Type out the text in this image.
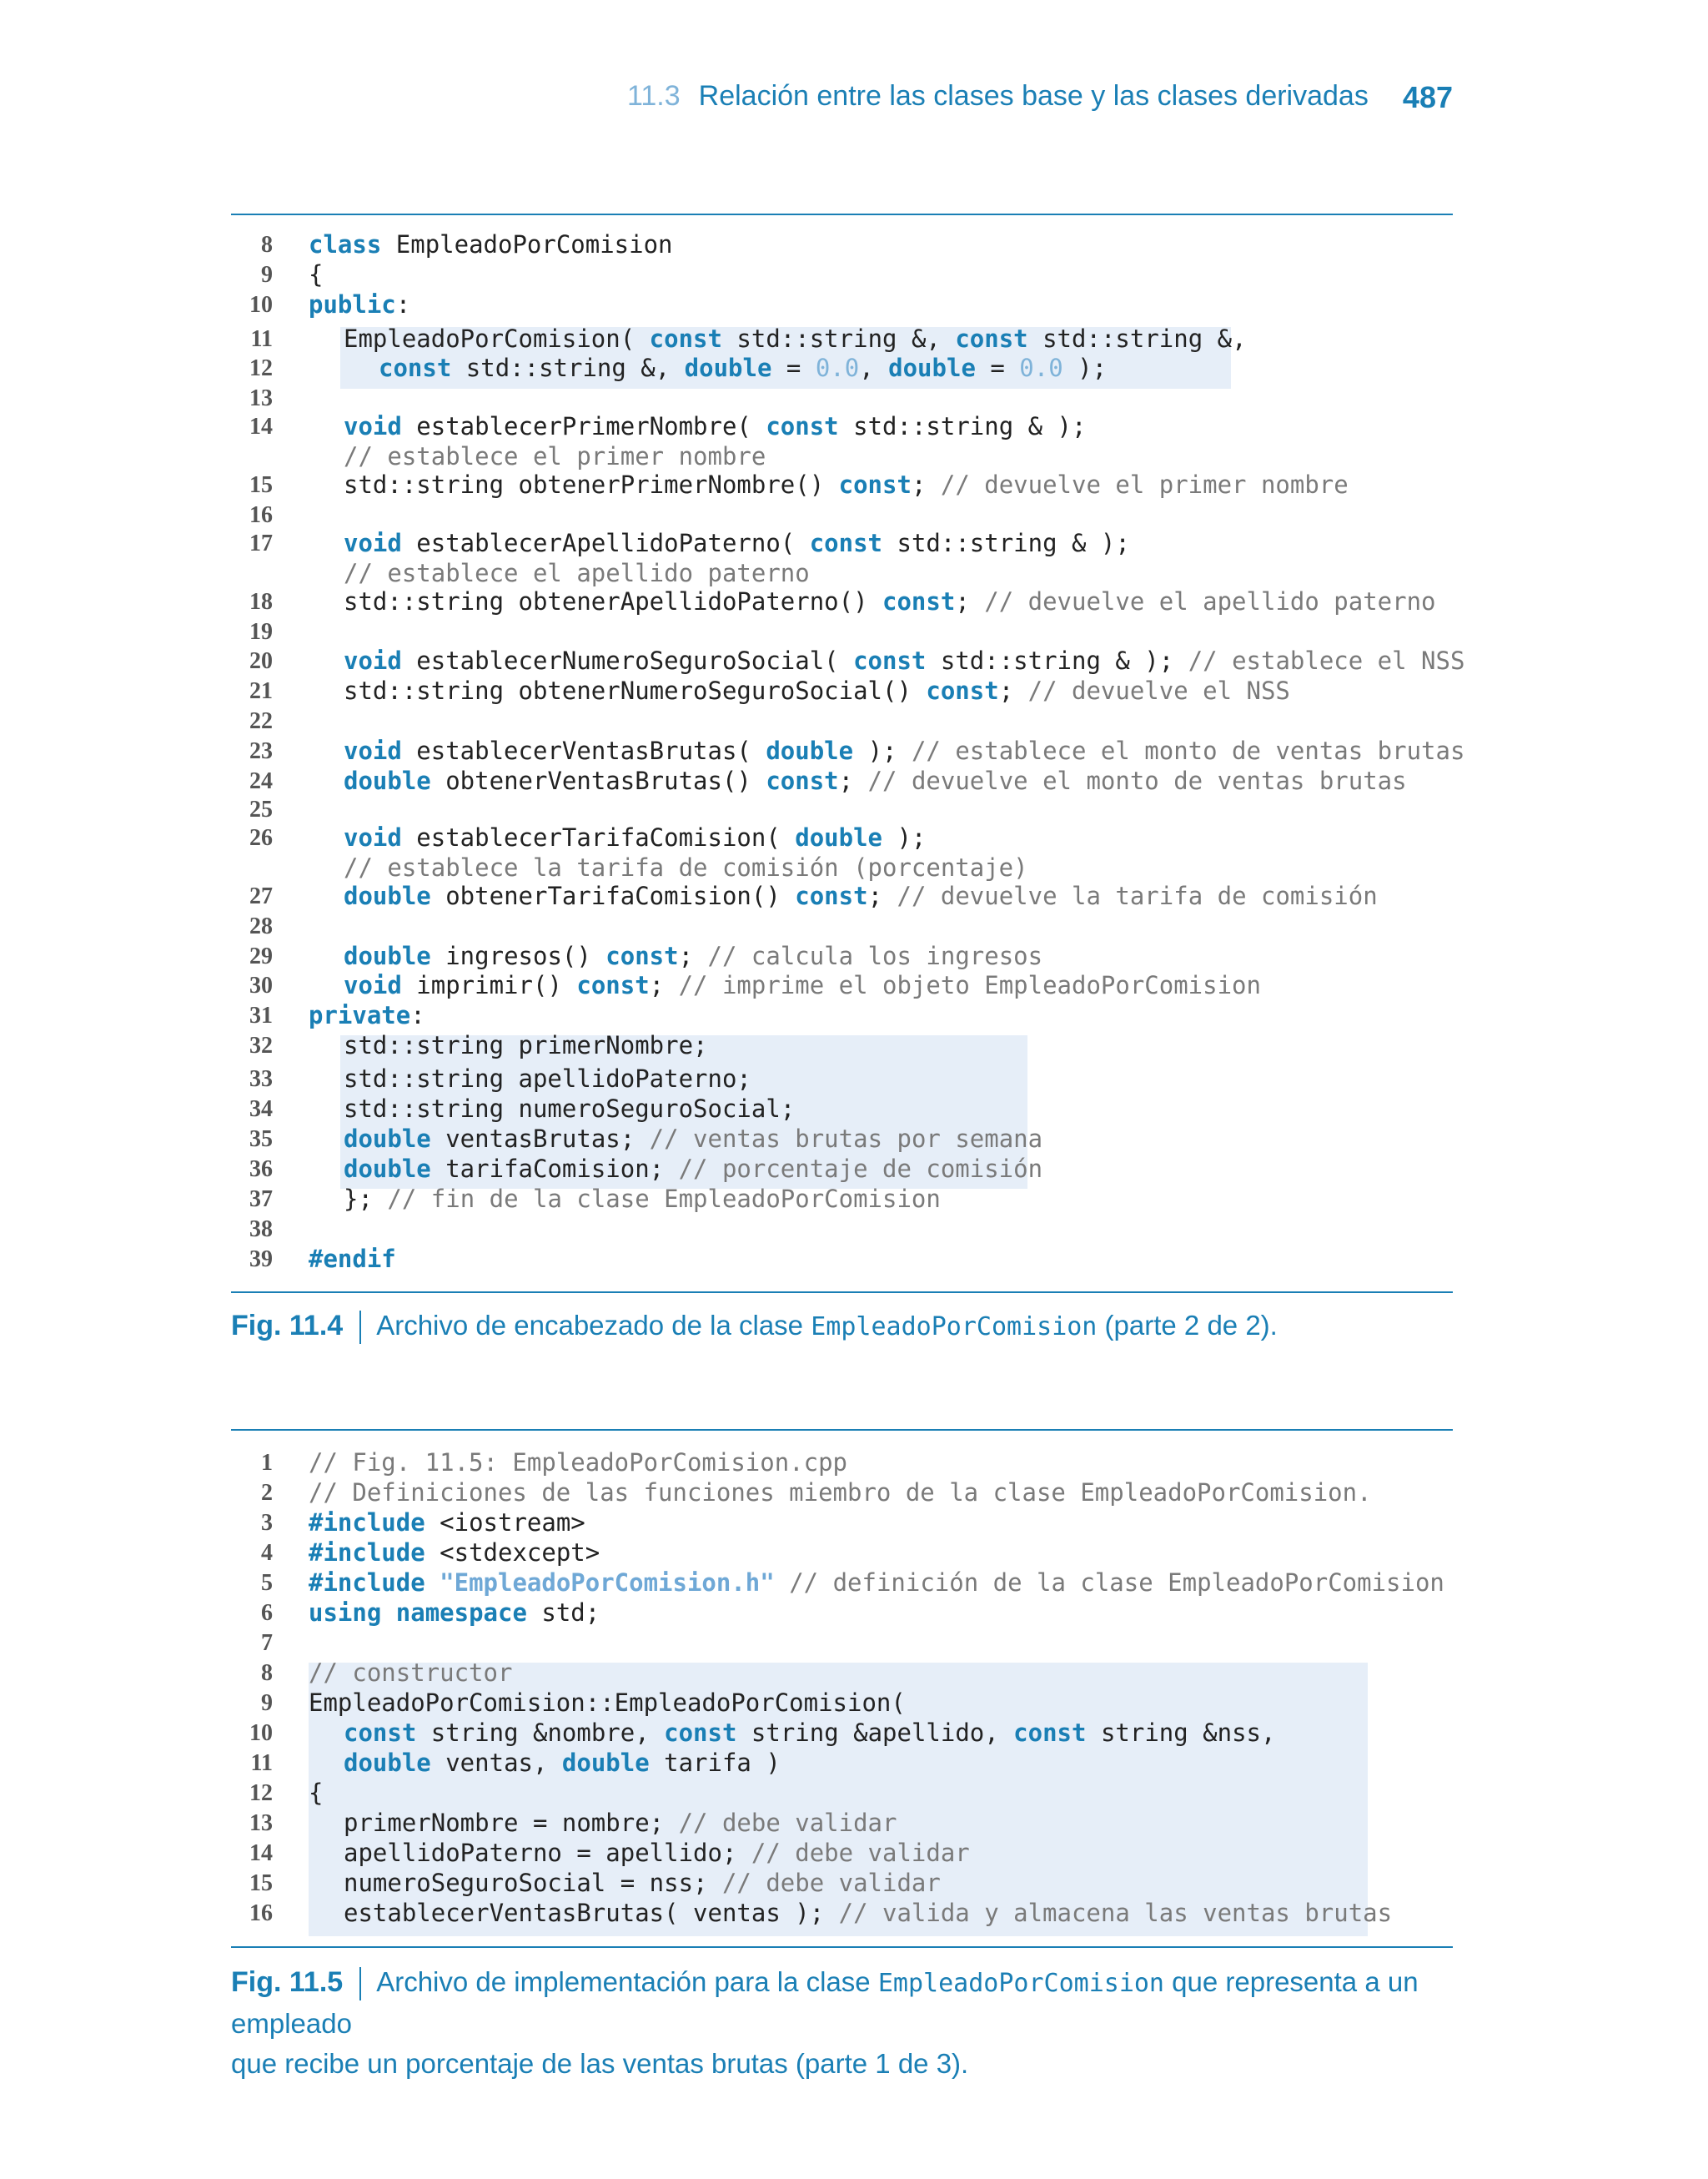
11.3 Relación entre las clases base y las clases derivadas 487
8 class EmpleadoPorComision
9 {
10 public:
11	EmpleadoPorComision( const std::string &, const std::string &,
12	const std::string &, double = 0.0, double = 0.0 );
13
14	void establecerPrimerNombre( const std::string & );
// establece el primer nombre
15	std::string obtenerPrimerNombre() const; // devuelve el primer nombre
16
17	void establecerApellidoPaterno( const std::string & );
// establece el apellido paterno
18	std::string obtenerApellidoPaterno() const; // devuelve el apellido paterno
19
20	void establecerNumeroSeguroSocial( const std::string & ); // establece el NSS
21	std::string obtenerNumeroSeguroSocial() const; // devuelve el NSS
22
23	void establecerVentasBrutas( double ); // establece el monto de ventas brutas
24	double obtenerVentasBrutas() const; // devuelve el monto de ventas brutas
25
26	void establecerTarifaComision( double );
// establece la tarifa de comisión (porcentaje)
27	double obtenerTarifaComision() const; // devuelve la tarifa de comisión
28
29	double ingresos() const; // calcula los ingresos
30	void imprimir() const; // imprime el objeto EmpleadoPorComision
31 private:
32	std::string primerNombre;
33	std::string apellidoPaterno;
34	std::string numeroSeguroSocial;
35	double ventasBrutas; // ventas brutas por semana
36	double tarifaComision; // porcentaje de comisión
37	}; // fin de la clase EmpleadoPorComision
38
39 #endif
Fig. 11.4 Archivo de encabezado de la clase EmpleadoPorComision (parte 2 de 2).
1 // Fig. 11.5: EmpleadoPorComision.cpp
2 // Definiciones de las funciones miembro de la clase EmpleadoPorComision.
3 #include <iostream>
4 #include <stdexcept>
5 #include "EmpleadoPorComision.h" // definición de la clase EmpleadoPorComision
6 using namespace std;
7
8 // constructor
9 EmpleadoPorComision::EmpleadoPorComision(
10	const string &nombre, const string &apellido, const string &nss,
11	double ventas, double tarifa )
12 {
13	primerNombre = nombre; // debe validar
14	apellidoPaterno = apellido; // debe validar
15	numeroSeguroSocial = nss; // debe validar
16	establecerVentasBrutas( ventas ); // valida y almacena las ventas brutas
Fig. 11.5 Archivo de implementación para la clase EmpleadoPorComision que representa a un empleado
que recibe un porcentaje de las ventas brutas (parte 1 de 3).
